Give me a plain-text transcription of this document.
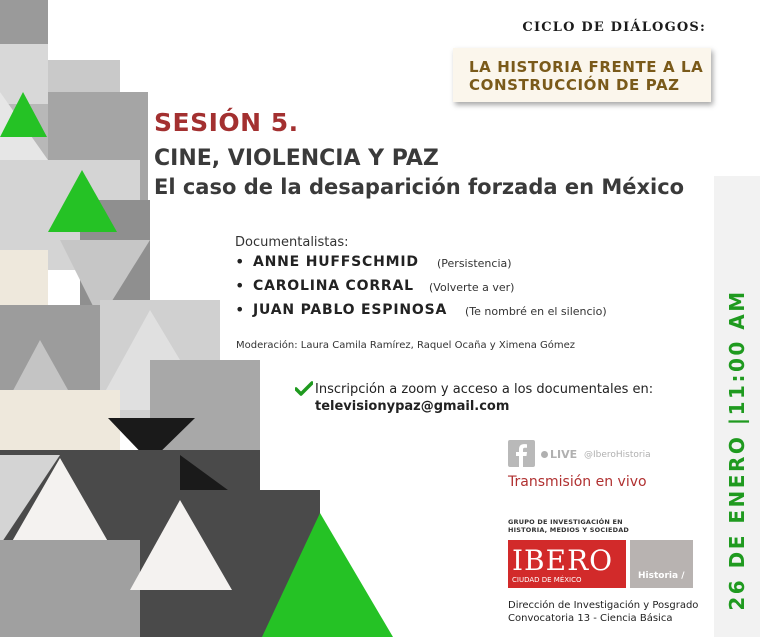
CICLO DE DIÁLOGOS:
LA HISTORIA FRENTE A LA
CONSTRUCCIÓN DE PAZ
SESIÓN 5.
CINE, VIOLENCIA Y PAZ
El caso de la desaparición forzada en México
Documentalistas:
• ANNE HUFFSCHMID (Persistencia)
• CAROLINA CORRAL (Volverte a ver)
• JUAN PABLO ESPINOSA (Te nombré en el silencio)
Moderación: Laura Camila Ramírez, Raquel Ocaña y Ximena Gómez
Inscripción a zoom y acceso a los documentales en:
televisionypaz@gmail.com
LIVE @IberoHistoria
Transmisión en vivo
GRUPO DE INVESTIGACIÓN EN HISTORIA, MEDIOS Y SOCIEDAD
IBERO
CIUDAD DE MÉXICO	Historia /
Dirección de Investigación y Posgrado
Convocatoria 13 - Ciencia Básica
26 DE ENERO |11:00 AM
